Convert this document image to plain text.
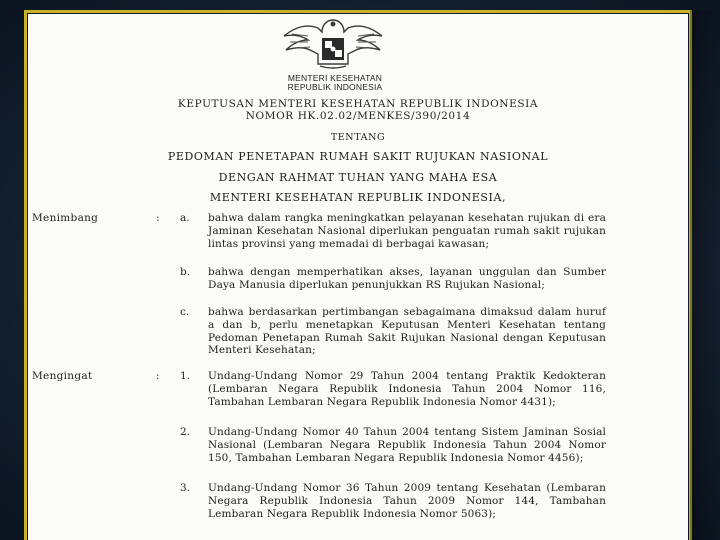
MENTERI KESEHATAN
REPUBLIK INDONESIA
KEPUTUSAN MENTERI KESEHATAN REPUBLIK INDONESIA
NOMOR HK.02.02/MENKES/390/2014
TENTANG
PEDOMAN PENETAPAN RUMAH SAKIT RUJUKAN NASIONAL
DENGAN RAHMAT TUHAN YANG MAHA ESA
MENTERI KESEHATAN REPUBLIK INDONESIA,
Menimbang	: a. bahwa dalam rangka meningkatkan pelayanan kesehatan rujukan di era Jaminan Kesehatan Nasional diperlukan penguatan rumah sakit rujukan lintas provinsi yang memadai di berbagai kawasan;
b. bahwa dengan memperhatikan akses, layanan unggulan dan Sumber Daya Manusia diperlukan penunjukkan RS Rujukan Nasional;
c. bahwa berdasarkan pertimbangan sebagaimana dimaksud dalam huruf a dan b, perlu menetapkan Keputusan Menteri Kesehatan tentang Pedoman Penetapan Rumah Sakit Rujukan Nasional dengan Keputusan Menteri Kesehatan;
Mengingat	: 1. Undang-Undang Nomor 29 Tahun 2004 tentang Praktik Kedokteran (Lembaran Negara Republik Indonesia Tahun 2004 Nomor 116, Tambahan Lembaran Negara Republik Indonesia Nomor 4431);
2. Undang-Undang Nomor 40 Tahun 2004 tentang Sistem Jaminan Sosial Nasional (Lembaran Negara Republik Indonesia Tahun 2004 Nomor 150, Tambahan Lembaran Negara Republik Indonesia Nomor 4456);
3. Undang-Undang Nomor 36 Tahun 2009 tentang Kesehatan (Lembaran Negara Republik Indonesia Tahun 2009 Nomor 144, Tambahan Lembaran Negara Republik Indonesia Nomor 5063);
